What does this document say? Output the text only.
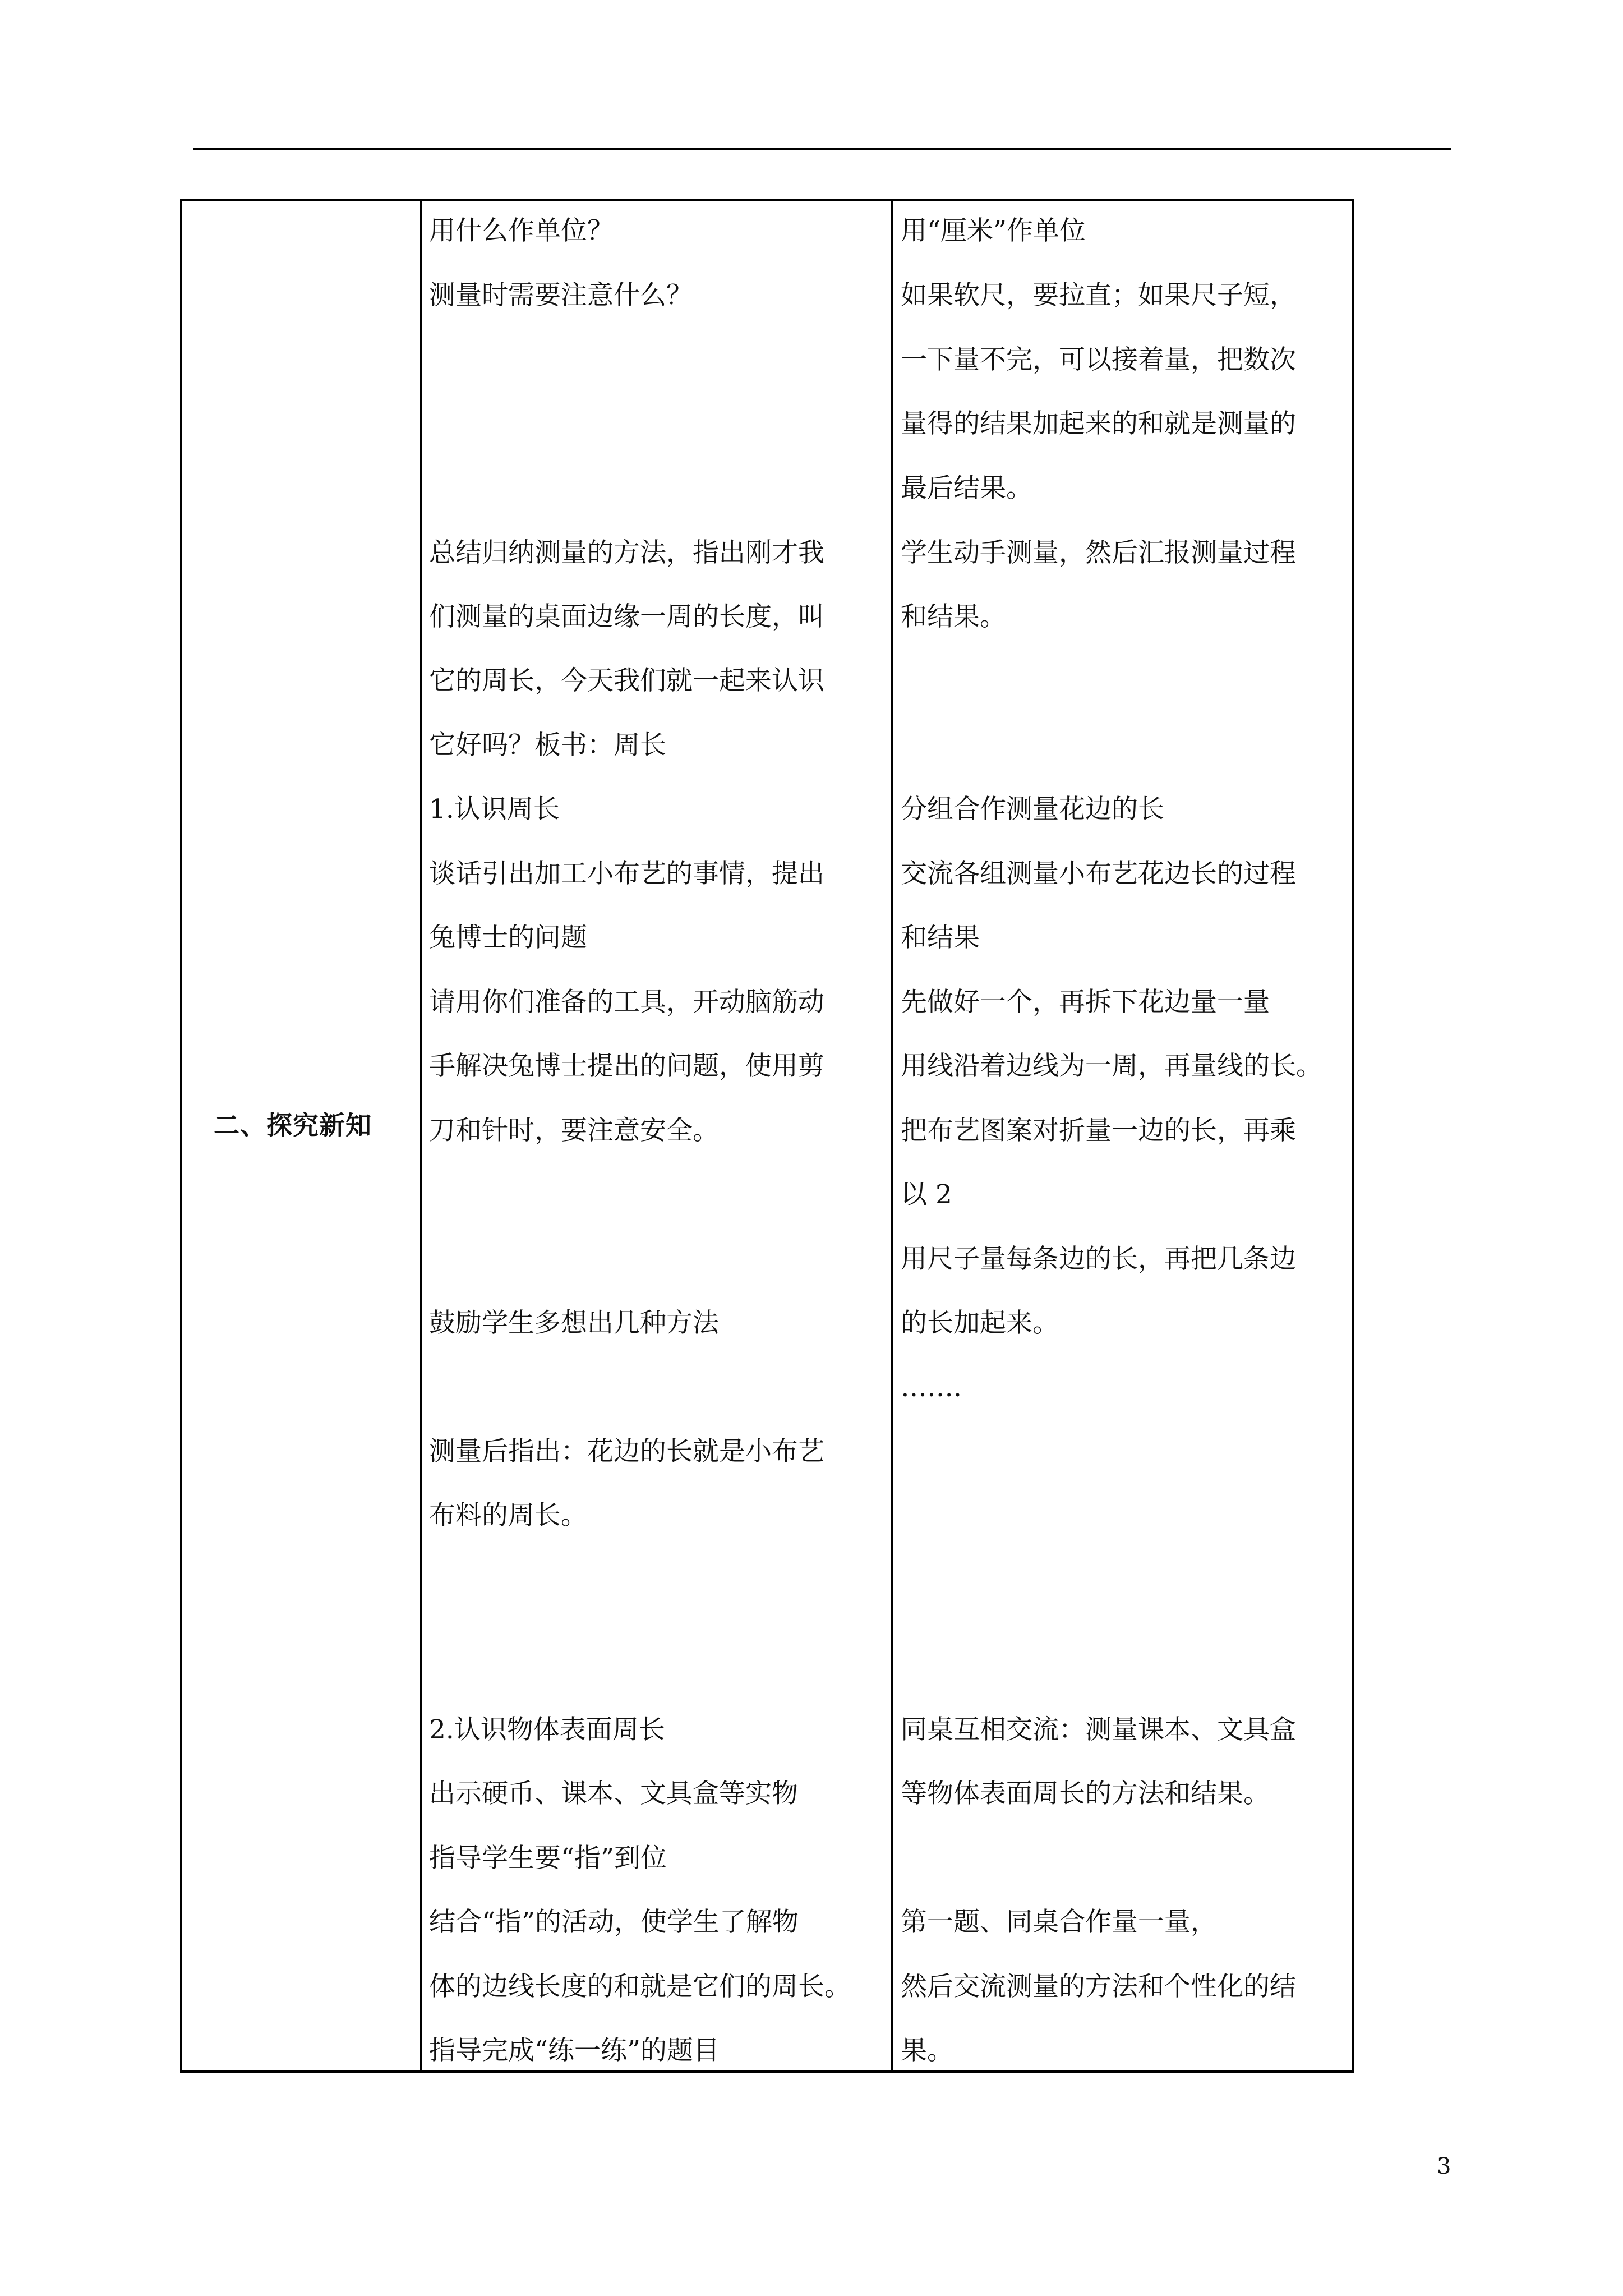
二、探究新知
用什么作单位？
测量时需要注意什么？
总结归纳测量的方法，指出刚才我
们测量的桌面边缘一周的长度，叫
它的周长，今天我们就一起来认识
它好吗？板书：周长
1.认识周长
谈话引出加工小布艺的事情，提出
兔博士的问题
请用你们准备的工具，开动脑筋动
手解决兔博士提出的问题，使用剪
刀和针时，要注意安全。
鼓励学生多想出几种方法
测量后指出：花边的长就是小布艺
布料的周长。
2.认识物体表面周长
出示硬币、课本、文具盒等实物
指导学生要“指”到位
结合“指”的活动，使学生了解物
体的边线长度的和就是它们的周长。
指导完成“练一练”的题目
用“厘米”作单位
如果软尺，要拉直；如果尺子短，
一下量不完，可以接着量，把数次
量得的结果加起来的和就是测量的
最后结果。
学生动手测量，然后汇报测量过程
和结果。
分组合作测量花边的长
交流各组测量小布艺花边长的过程
和结果
先做好一个，再拆下花边量一量
用线沿着边线为一周，再量线的长。
把布艺图案对折量一边的长，再乘
以 2
用尺子量每条边的长，再把几条边
的长加起来。
…….
同桌互相交流：测量课本、文具盒
等物体表面周长的方法和结果。
第一题、同桌合作量一量，
然后交流测量的方法和个性化的结
果。
3
